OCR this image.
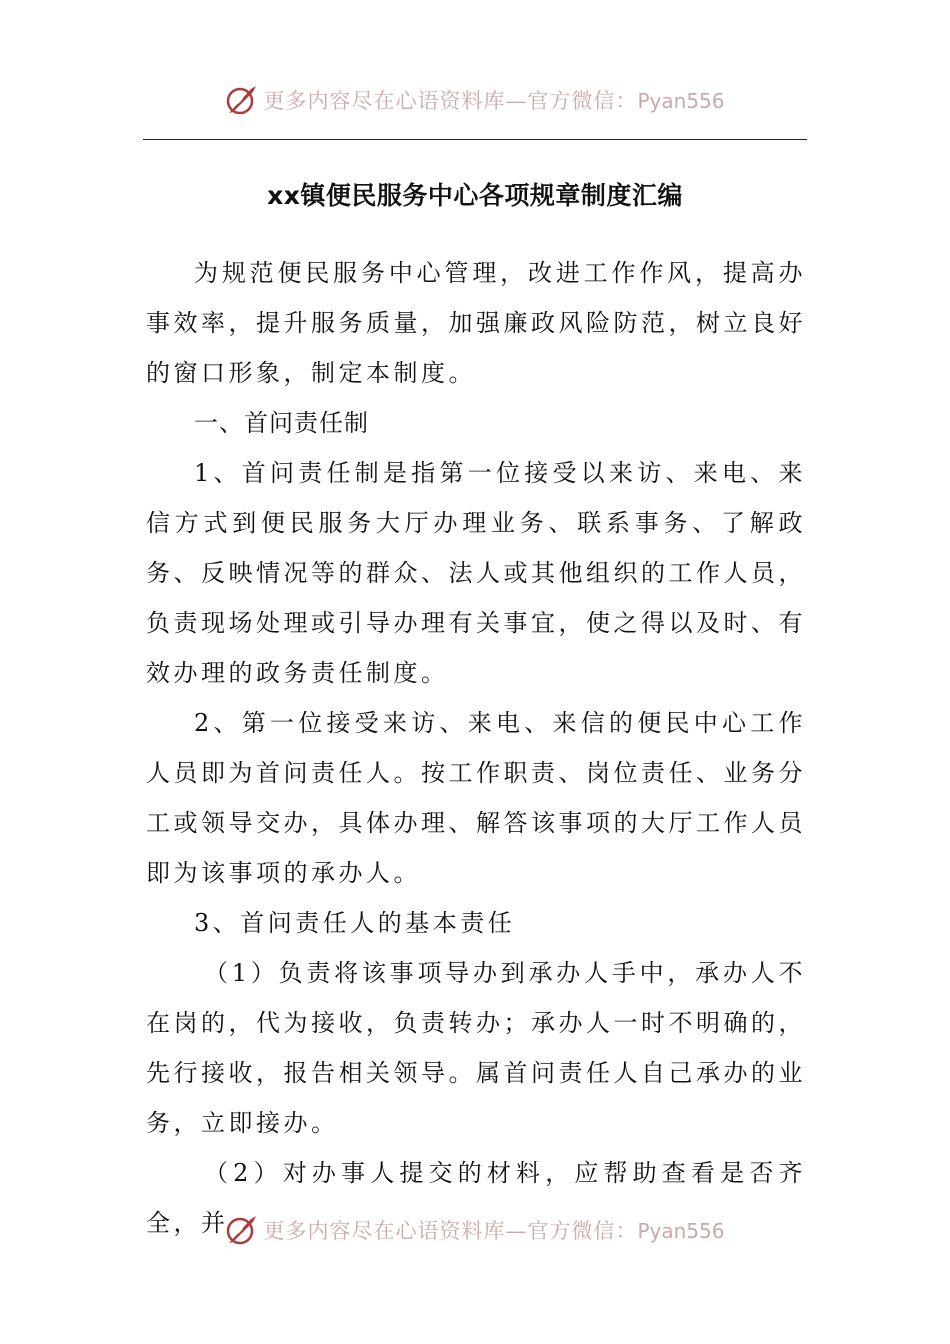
更多内容尽在心语资料库—官方微信：Pyan556
xx镇便民服务中心各项规章制度汇编

为规范便民服务中心管理，改进工作作风，提高办事效率，提升服务质量，加强廉政风险防范，树立良好的窗口形象，制定本制度。

一、首问责任制

1、首问责任制是指第一位接受以来访、来电、来信方式到便民服务大厅办理业务、联系事务、了解政务、反映情况等的群众、法人或其他组织的工作人员，负责现场处理或引导办理有关事宜，使之得以及时、有效办理的政务责任制度。

2、第一位接受来访、来电、来信的便民中心工作人员即为首问责任人。按工作职责、岗位责任、业务分工或领导交办，具体办理、解答该事项的大厅工作人员即为该事项的承办人。

3、首问责任人的基本责任

（1）负责将该事项导办到承办人手中，承办人不在岗的，代为接收，负责转办；承办人一时不明确的，先行接收，报告相关领导。属首问责任人自己承办的业务，立即接办。

（2）对办事人提交的材料，应帮助查看是否齐全，并	更多内容尽在心语资料库—官方微信：Pyan556
